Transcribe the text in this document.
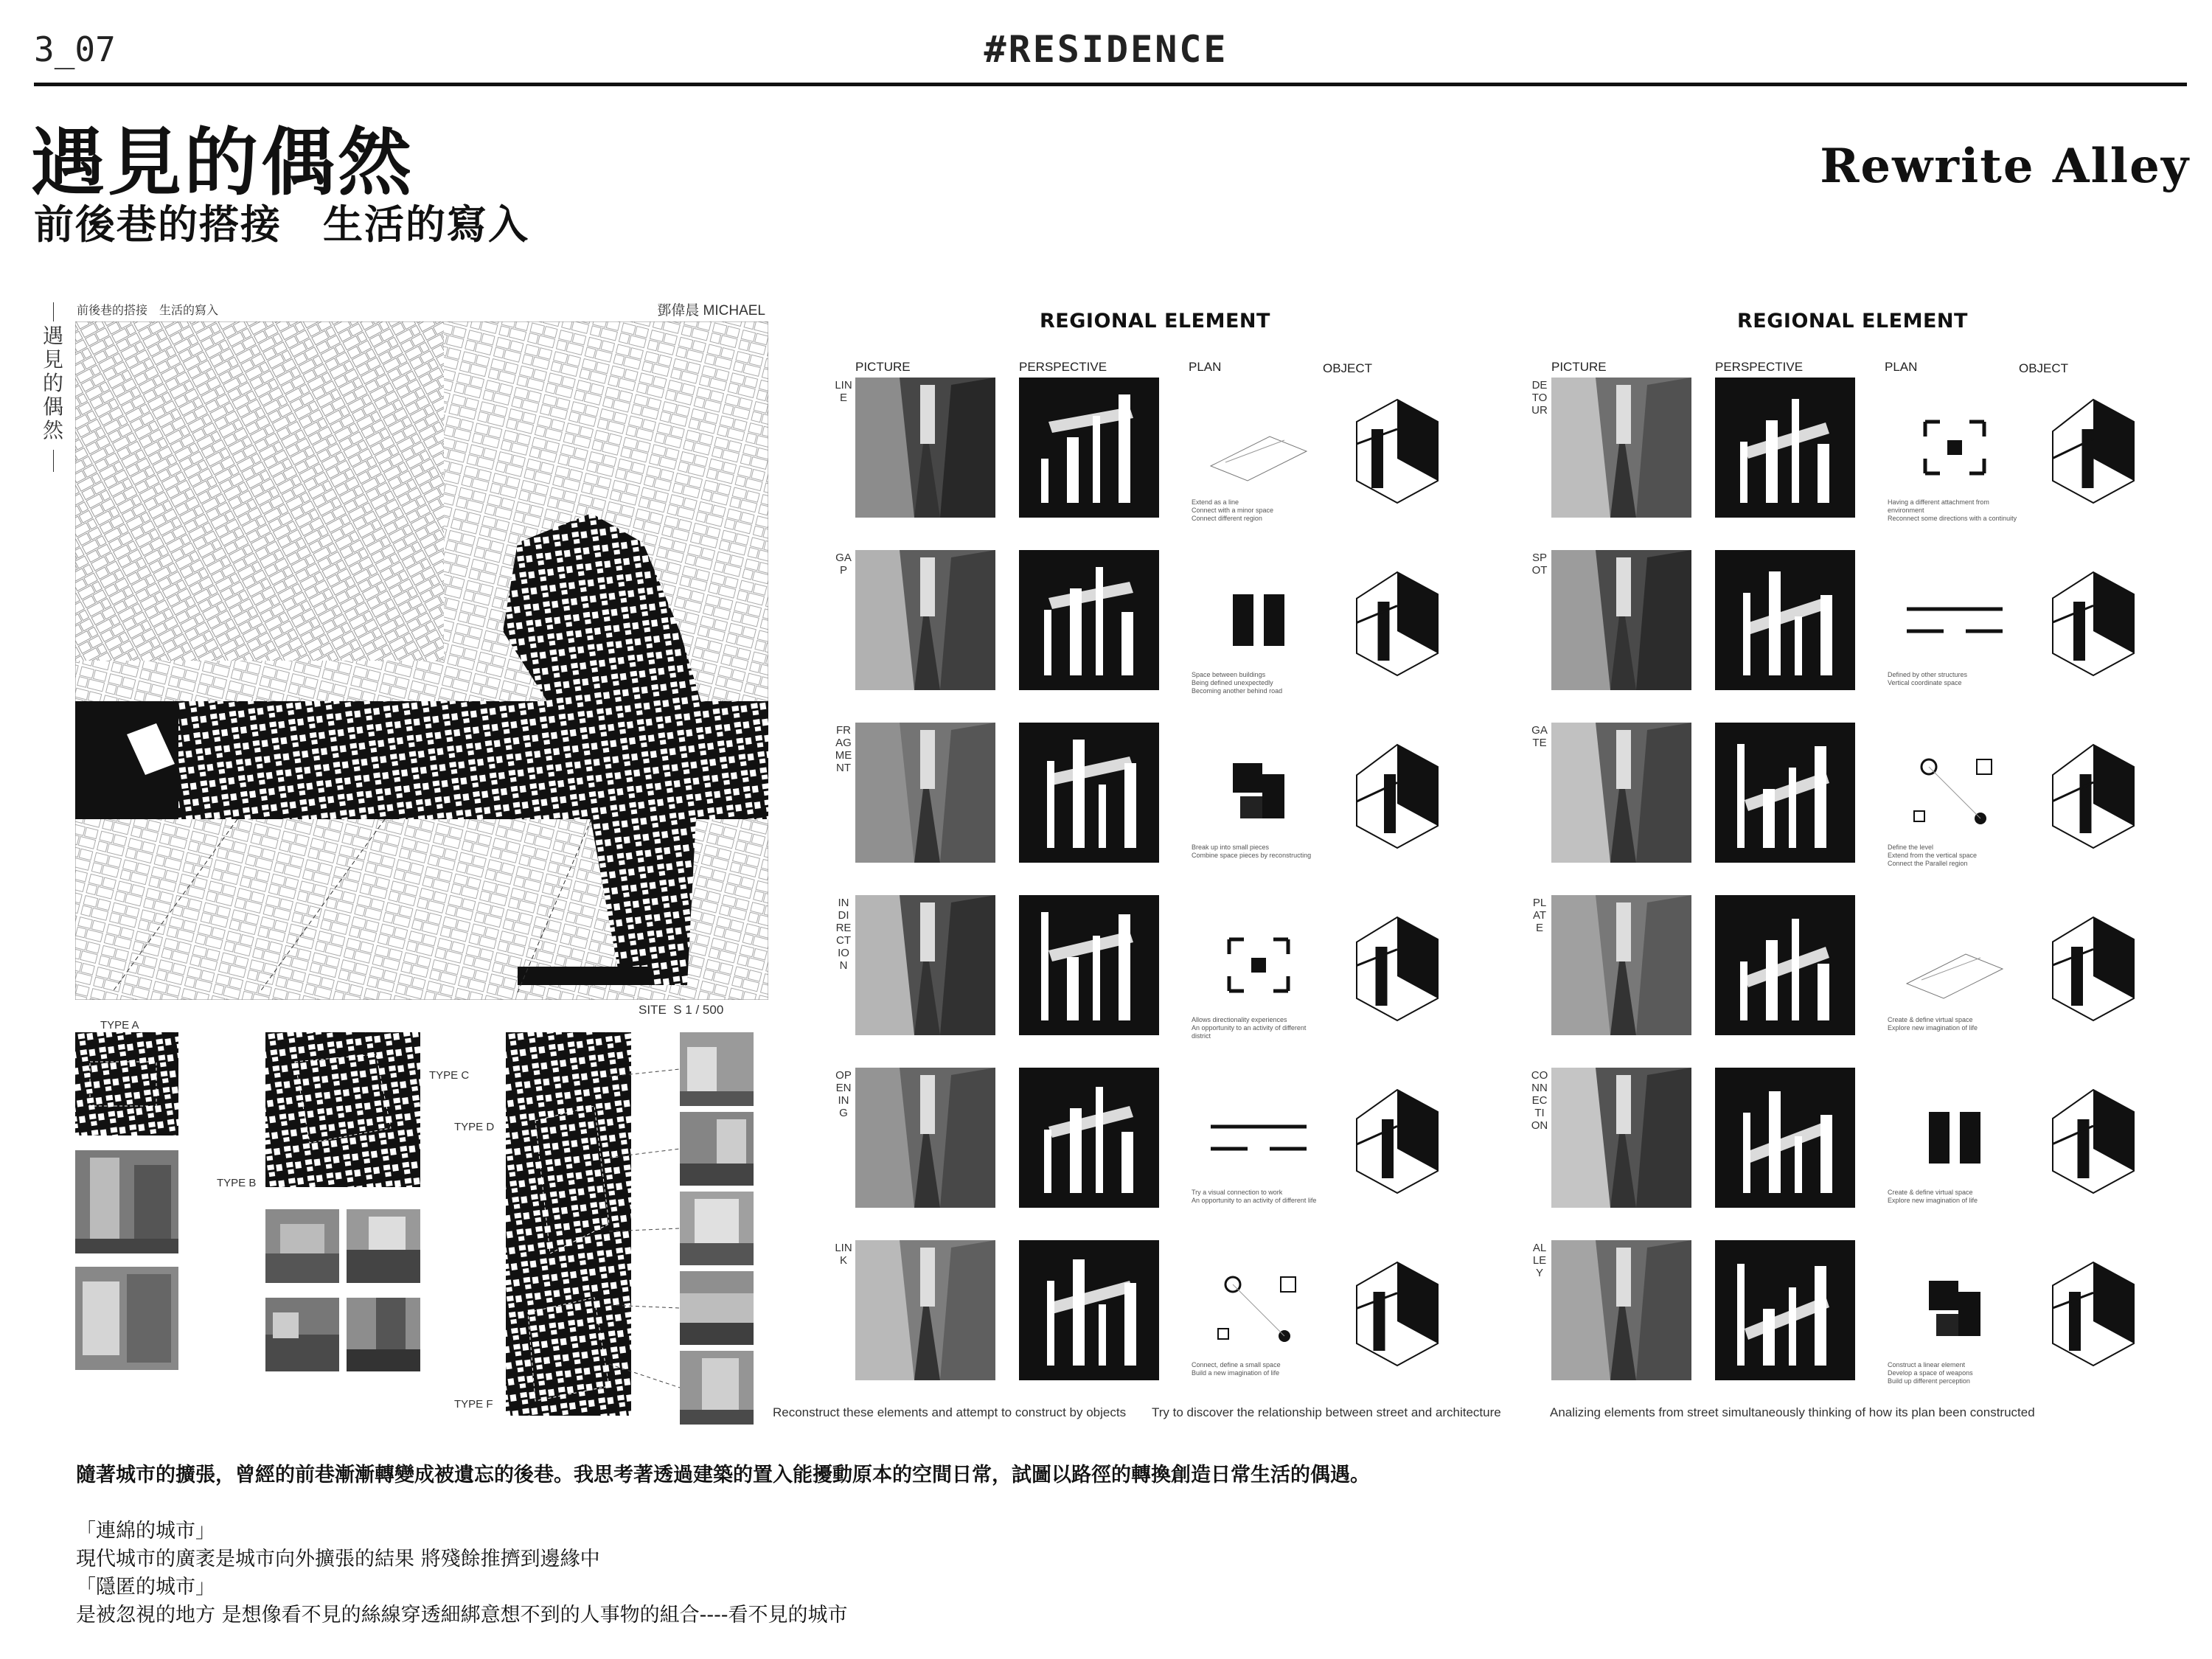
3_07	#RESIDENCE
遇見的偶然
前後巷的搭接　生活的寫入
Rewrite Alley
前後巷的搭接　生活的寫入	鄧偉晨 MICHAEL
遇見的偶然
SITE  S 1 / 500
TYPE A
TYPE B
TYPE C
TYPE D
TYPE F
REGIONAL ELEMENT
PICTURE	PERSPECTIVE	PLAN	OBJECT
LINE
Extend as a line
Connect with a minor space
Connect different region
GAP
Space between buildings
Being defined unexpectedly
Becoming another behind road
FRAGMENT
Break up into small pieces
Combine space pieces by reconstructing
INDIRECTION
Allows directionality experiences
An opportunity to an activity of different district
OPENING
Try a visual connection to work
An opportunity to an activity of different life
LINK
Connect, define a small space
Build a new imagination of life
REGIONAL ELEMENT
PICTURE	PERSPECTIVE	PLAN	OBJECT
DETOUR
Having a different attachment from environment
Reconnect some directions with a continuity
SPOT
Defined by other structures
Vertical coordinate space
GATE
Define the level
Extend from the vertical space
Connect the Parallel region
PLATE
Create & define virtual space
Explore new imagination of life
CONNECTION
Create & define virtual space
Explore new imagination of life
ALLEY
Construct a linear element
Develop a space of weapons
Build up different perception
Reconstruct these elements and attempt to construct by objects Try to discover the relationship between street and architecture	Analizing elements from street simultaneously thinking of how its plan been constructed
隨著城市的擴張，曾經的前巷漸漸轉變成被遺忘的後巷。我思考著透過建築的置入能擾動原本的空間日常，試圖以路徑的轉換創造日常生活的偶遇。
「連綿的城市」
現代城市的廣袤是城市向外擴張的結果 將殘餘推擠到邊緣中
「隱匿的城市」
是被忽視的地方 是想像看不見的絲線穿透細綁意想不到的人事物的組合----看不見的城市
